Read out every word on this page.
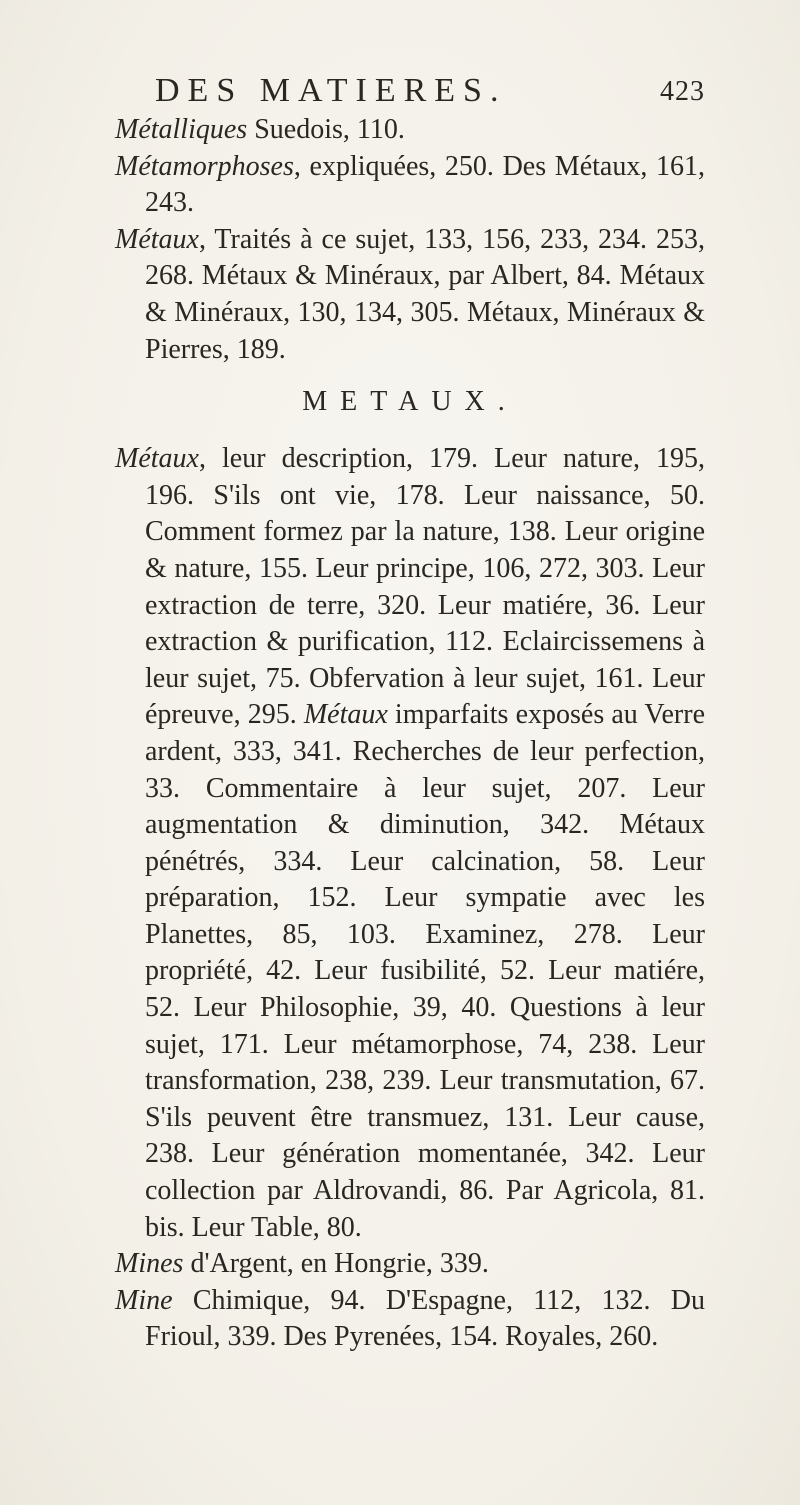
DES MATIERES.	423

Métalliques Suedois, 110.

Métamorphoses, expliquées, 250. Des Métaux, 161, 243.

Métaux, Traités à ce sujet, 133, 156, 233, 234. 253, 268. Métaux & Minéraux, par Albert, 84. Métaux & Minéraux, 130, 134, 305. Métaux, Minéraux & Pierres, 189.

METAUX.

Métaux, leur description, 179. Leur nature, 195, 196. S'ils ont vie, 178. Leur naissance, 50. Comment formez par la nature, 138. Leur origine & nature, 155. Leur principe, 106, 272, 303. Leur extraction de terre, 320. Leur matiére, 36. Leur extraction & purification, 112. Eclaircissemens à leur sujet, 75. Obfervation à leur sujet, 161. Leur épreuve, 295. Métaux imparfaits exposés au Verre ardent, 333, 341. Recherches de leur perfection, 33. Commentaire à leur sujet, 207. Leur augmentation & diminution, 342. Métaux pénétrés, 334. Leur calcination, 58. Leur préparation, 152. Leur sympatie avec les Planettes, 85, 103. Examinez, 278. Leur propriété, 42. Leur fusibilité, 52. Leur matiére, 52. Leur Philosophie, 39, 40. Questions à leur sujet, 171. Leur métamorphose, 74, 238. Leur transformation, 238, 239. Leur transmutation, 67. S'ils peuvent être transmuez, 131. Leur cause, 238. Leur génération momentanée, 342. Leur collection par Aldrovandi, 86. Par Agricola, 81. bis. Leur Table, 80.

Mines d'Argent, en Hongrie, 339.

Mine Chimique, 94. D'Espagne, 112, 132. Du Frioul, 339. Des Pyrenées, 154. Royales, 260.
